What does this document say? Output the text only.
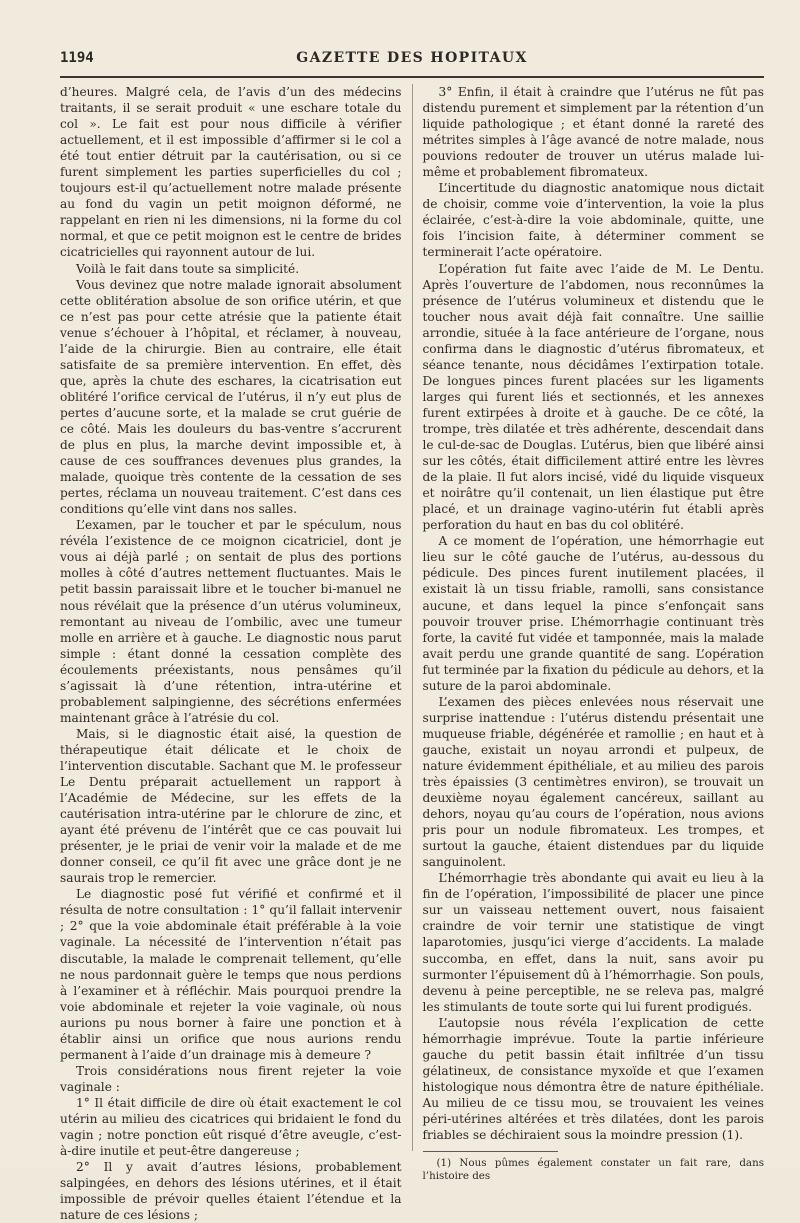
1194	GAZETTE DES HOPITAUX

d’heures. Malgré cela, de l’avis d’un des médecins traitants, il se serait produit « une eschare totale du col ». Le fait est pour nous difficile à vérifier actuellement, et il est impossible d’affirmer si le col a été tout entier détruit par la cautérisation, ou si ce furent simplement les parties superficielles du col ; toujours est-il qu’actuellement notre malade présente au fond du vagin un petit moignon déformé, ne rappelant en rien ni les dimensions, ni la forme du col normal, et que ce petit moignon est le centre de brides cicatricielles qui rayonnent autour de lui.

Voilà le fait dans toute sa simplicité.

Vous devinez que notre malade ignorait absolument cette oblitération absolue de son orifice utérin, et que ce n’est pas pour cette atrésie que la patiente était venue s’échouer à l’hôpital, et réclamer, à nouveau, l’aide de la chirurgie. Bien au contraire, elle était satisfaite de sa première intervention. En effet, dès que, après la chute des eschares, la cicatrisation eut oblitéré l’orifice cervical de l’utérus, il n’y eut plus de pertes d’aucune sorte, et la malade se crut guérie de ce côté. Mais les douleurs du bas-ventre s’accrurent de plus en plus, la marche devint impossible et, à cause de ces souffrances devenues plus grandes, la malade, quoique très contente de la cessation de ses pertes, réclama un nouveau traitement. C’est dans ces conditions qu’elle vint dans nos salles.

L’examen, par le toucher et par le spéculum, nous révéla l’existence de ce moignon cicatriciel, dont je vous ai déjà parlé ; on sentait de plus des portions molles à côté d’autres nettement fluctuantes. Mais le petit bassin paraissait libre et le toucher bi-manuel ne nous révélait que la présence d’un utérus volumineux, remontant au niveau de l’ombilic, avec une tumeur molle en arrière et à gauche. Le diagnostic nous parut simple : étant donné la cessation complète des écoulements préexistants, nous pensâmes qu’il s’agissait là d’une rétention, intra-utérine et probablement salpingienne, des sécrétions enfermées maintenant grâce à l’atrésie du col.

Mais, si le diagnostic était aisé, la question de thérapeutique était délicate et le choix de l’intervention discutable. Sachant que M. le professeur Le Dentu préparait actuellement un rapport à l’Académie de Médecine, sur les effets de la cautérisation intra-utérine par le chlorure de zinc, et ayant été prévenu de l’intérêt que ce cas pouvait lui présenter, je le priai de venir voir la malade et de me donner conseil, ce qu’il fit avec une grâce dont je ne saurais trop le remercier.

Le diagnostic posé fut vérifié et confirmé et il résulta de notre consultation : 1° qu’il fallait intervenir ; 2° que la voie abdominale était préférable à la voie vaginale. La nécessité de l’intervention n’était pas discutable, la malade le comprenait tellement, qu’elle ne nous pardonnait guère le temps que nous perdions à l’examiner et à réfléchir. Mais pourquoi prendre la voie abdominale et rejeter la voie vaginale, où nous aurions pu nous borner à faire une ponction et à établir ainsi un orifice que nous aurions rendu permanent à l’aide d’un drainage mis à demeure ?

Trois considérations nous firent rejeter la voie vaginale :

1° Il était difficile de dire où était exactement le col utérin au milieu des cicatrices qui bridaient le fond du vagin ; notre ponction eût risqué d’être aveugle, c’est-à-dire inutile et peut-être dangereuse ;

2° Il y avait d’autres lésions, probablement salpingées, en dehors des lésions utérines, et il était impossible de prévoir quelles étaient l’étendue et la nature de ces lésions ;

3° Enfin, il était à craindre que l’utérus ne fût pas distendu purement et simplement par la rétention d’un liquide pathologique ; et étant donné la rareté des métrites simples à l’âge avancé de notre malade, nous pouvions redouter de trouver un utérus malade lui-même et probablement fibromateux.

L’incertitude du diagnostic anatomique nous dictait de choisir, comme voie d’intervention, la voie la plus éclairée, c’est-à-dire la voie abdominale, quitte, une fois l’incision faite, à déterminer comment se terminerait l’acte opératoire.

L’opération fut faite avec l’aide de M. Le Dentu. Après l’ouverture de l’abdomen, nous reconnûmes la présence de l’utérus volumineux et distendu que le toucher nous avait déjà fait connaître. Une saillie arrondie, située à la face antérieure de l’organe, nous confirma dans le diagnostic d’utérus fibromateux, et séance tenante, nous décidâmes l’extirpation totale. De longues pinces furent placées sur les ligaments larges qui furent liés et sectionnés, et les annexes furent extirpées à droite et à gauche. De ce côté, la trompe, très dilatée et très adhérente, descendait dans le cul-de-sac de Douglas. L’utérus, bien que libéré ainsi sur les côtés, était difficilement attiré entre les lèvres de la plaie. Il fut alors incisé, vidé du liquide visqueux et noirâtre qu’il contenait, un lien élastique put être placé, et un drainage vagino-utérin fut établi après perforation du haut en bas du col oblitéré.

A ce moment de l’opération, une hémorrhagie eut lieu sur le côté gauche de l’utérus, au-dessous du pédicule. Des pinces furent inutilement placées, il existait là un tissu friable, ramolli, sans consistance aucune, et dans lequel la pince s’enfonçait sans pouvoir trouver prise. L’hémorrhagie continuant très forte, la cavité fut vidée et tamponnée, mais la malade avait perdu une grande quantité de sang. L’opération fut terminée par la fixation du pédicule au dehors, et la suture de la paroi abdominale.

L’examen des pièces enlevées nous réservait une surprise inattendue : l’utérus distendu présentait une muqueuse friable, dégénérée et ramollie ; en haut et à gauche, existait un noyau arrondi et pulpeux, de nature évidemment épithéliale, et au milieu des parois très épaissies (3 centimètres environ), se trouvait un deuxième noyau également cancéreux, saillant au dehors, noyau qu’au cours de l’opération, nous avions pris pour un nodule fibromateux. Les trompes, et surtout la gauche, étaient distendues par du liquide sanguinolent.

L’hémorrhagie très abondante qui avait eu lieu à la fin de l’opération, l’impossibilité de placer une pince sur un vaisseau nettement ouvert, nous faisaient craindre de voir ternir une statistique de vingt laparotomies, jusqu’ici vierge d’accidents. La malade succomba, en effet, dans la nuit, sans avoir pu surmonter l’épuisement dû à l’hémorrhagie. Son pouls, devenu à peine perceptible, ne se releva pas, malgré les stimulants de toute sorte qui lui furent prodigués.

L’autopsie nous révéla l’explication de cette hémorrhagie imprévue. Toute la partie inférieure gauche du petit bassin était infiltrée d’un tissu gélatineux, de consistance myxoïde et que l’examen histologique nous démontra être de nature épithéliale. Au milieu de ce tissu mou, se trouvaient les veines péri-utérines altérées et très dilatées, dont les parois friables se déchiraient sous la moindre pression (1).

(1) Nous pûmes également constater un fait rare, dans l’histoire des
